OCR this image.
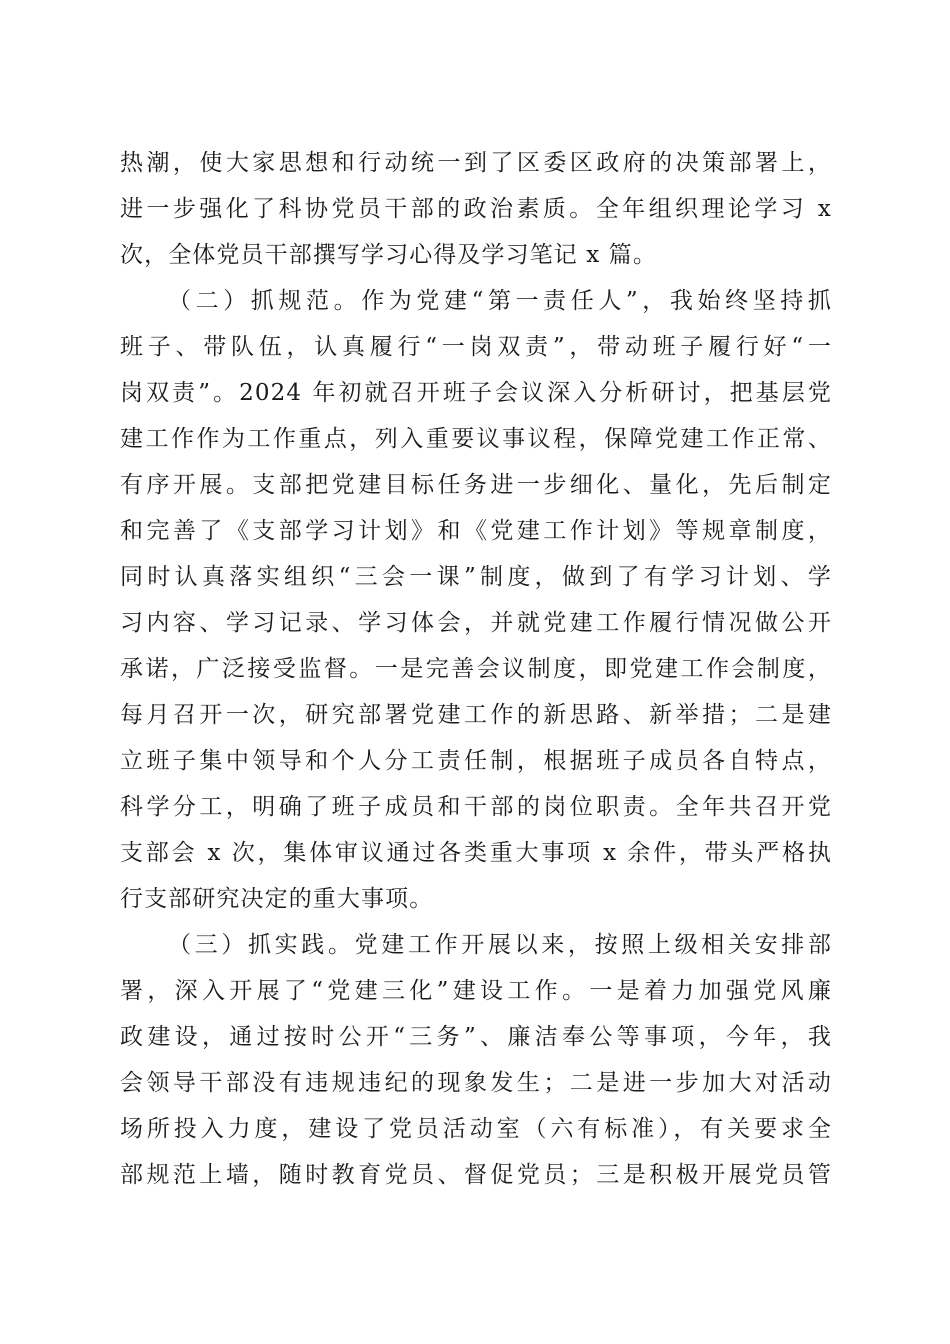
热潮，使大家思想和行动统一到了区委区政府的决策部署上，

进一步强化了科协党员干部的政治素质。全年组织理论学习 x

次，全体党员干部撰写学习心得及学习笔记 x 篇。

（二）抓规范。作为党建“第一责任人”，我始终坚持抓

班子、带队伍，认真履行“一岗双责”，带动班子履行好“一

岗双责”。2024 年初就召开班子会议深入分析研讨，把基层党

建工作作为工作重点，列入重要议事议程，保障党建工作正常、

有序开展。支部把党建目标任务进一步细化、量化，先后制定

和完善了《支部学习计划》和《党建工作计划》等规章制度，

同时认真落实组织“三会一课”制度，做到了有学习计划、学

习内容、学习记录、学习体会，并就党建工作履行情况做公开

承诺，广泛接受监督。一是完善会议制度，即党建工作会制度，

每月召开一次，研究部署党建工作的新思路、新举措；二是建

立班子集中领导和个人分工责任制，根据班子成员各自特点，

科学分工，明确了班子成员和干部的岗位职责。全年共召开党

支部会 x 次，集体审议通过各类重大事项 x 余件，带头严格执

行支部研究决定的重大事项。

（三）抓实践。党建工作开展以来，按照上级相关安排部

署，深入开展了“党建三化”建设工作。一是着力加强党风廉

政建设，通过按时公开“三务”、廉洁奉公等事项，今年，我

会领导干部没有违规违纪的现象发生；二是进一步加大对活动

场所投入力度，建设了党员活动室（六有标准），有关要求全

部规范上墙，随时教育党员、督促党员；三是积极开展党员管
